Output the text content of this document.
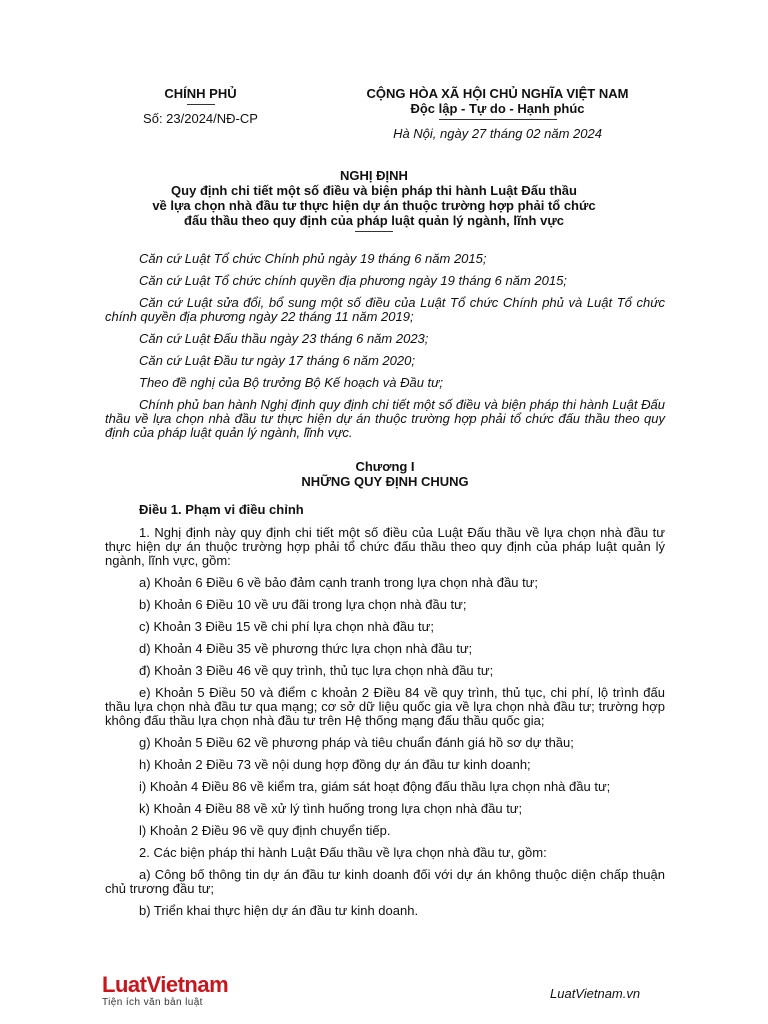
CHÍNH PHỦ
Số: 23/2024/NĐ-CP
CỘNG HÒA XÃ HỘI CHỦ NGHĨA VIỆT NAM
Độc lập - Tự do - Hạnh phúc
Hà Nội, ngày 27 tháng 02 năm 2024
NGHỊ ĐỊNH
Quy định chi tiết một số điều và biện pháp thi hành Luật Đấu thầu
về lựa chọn nhà đầu tư thực hiện dự án thuộc trường hợp phải tổ chức
đấu thầu theo quy định của pháp luật quản lý ngành, lĩnh vực

Căn cứ Luật Tổ chức Chính phủ ngày 19 tháng 6 năm 2015;

Căn cứ Luật Tổ chức chính quyền địa phương ngày 19 tháng 6 năm 2015;

Căn cứ Luật sửa đổi, bổ sung một số điều của Luật Tổ chức Chính phủ và Luật Tổ chức chính quyền địa phương ngày 22 tháng 11 năm 2019;

Căn cứ Luật Đấu thầu ngày 23 tháng 6 năm 2023;

Căn cứ Luật Đầu tư ngày 17 tháng 6 năm 2020;

Theo đề nghị của Bộ trưởng Bộ Kế hoạch và Đầu tư;

Chính phủ ban hành Nghị định quy định chi tiết một số điều và biện pháp thi hành Luật Đấu thầu về lựa chọn nhà đầu tư thực hiện dự án thuộc trường hợp phải tổ chức đấu thầu theo quy định của pháp luật quản lý ngành, lĩnh vực.

Chương I
NHỮNG QUY ĐỊNH CHUNG
Điều 1. Phạm vi điều chỉnh

1. Nghị định này quy định chi tiết một số điều của Luật Đấu thầu về lựa chọn nhà đầu tư thực hiện dự án thuộc trường hợp phải tổ chức đấu thầu theo quy định của pháp luật quản lý ngành, lĩnh vực, gồm:

a) Khoản 6 Điều 6 về bảo đảm cạnh tranh trong lựa chọn nhà đầu tư;

b) Khoản 6 Điều 10 về ưu đãi trong lựa chọn nhà đầu tư;

c) Khoản 3 Điều 15 về chi phí lựa chọn nhà đầu tư;

d) Khoản 4 Điều 35 về phương thức lựa chọn nhà đầu tư;

đ) Khoản 3 Điều 46 về quy trình, thủ tục lựa chọn nhà đầu tư;

e) Khoản 5 Điều 50 và điểm c khoản 2 Điều 84 về quy trình, thủ tục, chi phí, lộ trình đấu thầu lựa chọn nhà đầu tư qua mạng; cơ sở dữ liệu quốc gia về lựa chọn nhà đầu tư; trường hợp không đấu thầu lựa chọn nhà đầu tư trên Hệ thống mạng đấu thầu quốc gia;

g) Khoản 5 Điều 62 về phương pháp và tiêu chuẩn đánh giá hồ sơ dự thầu;

h) Khoản 2 Điều 73 về nội dung hợp đồng dự án đầu tư kinh doanh;

i) Khoản 4 Điều 86 về kiểm tra, giám sát hoạt động đấu thầu lựa chọn nhà đầu tư;

k) Khoản 4 Điều 88 về xử lý tình huống trong lựa chọn nhà đầu tư;

l) Khoản 2 Điều 96 về quy định chuyển tiếp.

2. Các biện pháp thi hành Luật Đấu thầu về lựa chọn nhà đầu tư, gồm:

a) Công bố thông tin dự án đầu tư kinh doanh đối với dự án không thuộc diện chấp thuận chủ trương đầu tư;

b) Triển khai thực hiện dự án đầu tư kinh doanh.

LuatVietnam
Tiện ích văn bản luật
LuatVietnam.vn
